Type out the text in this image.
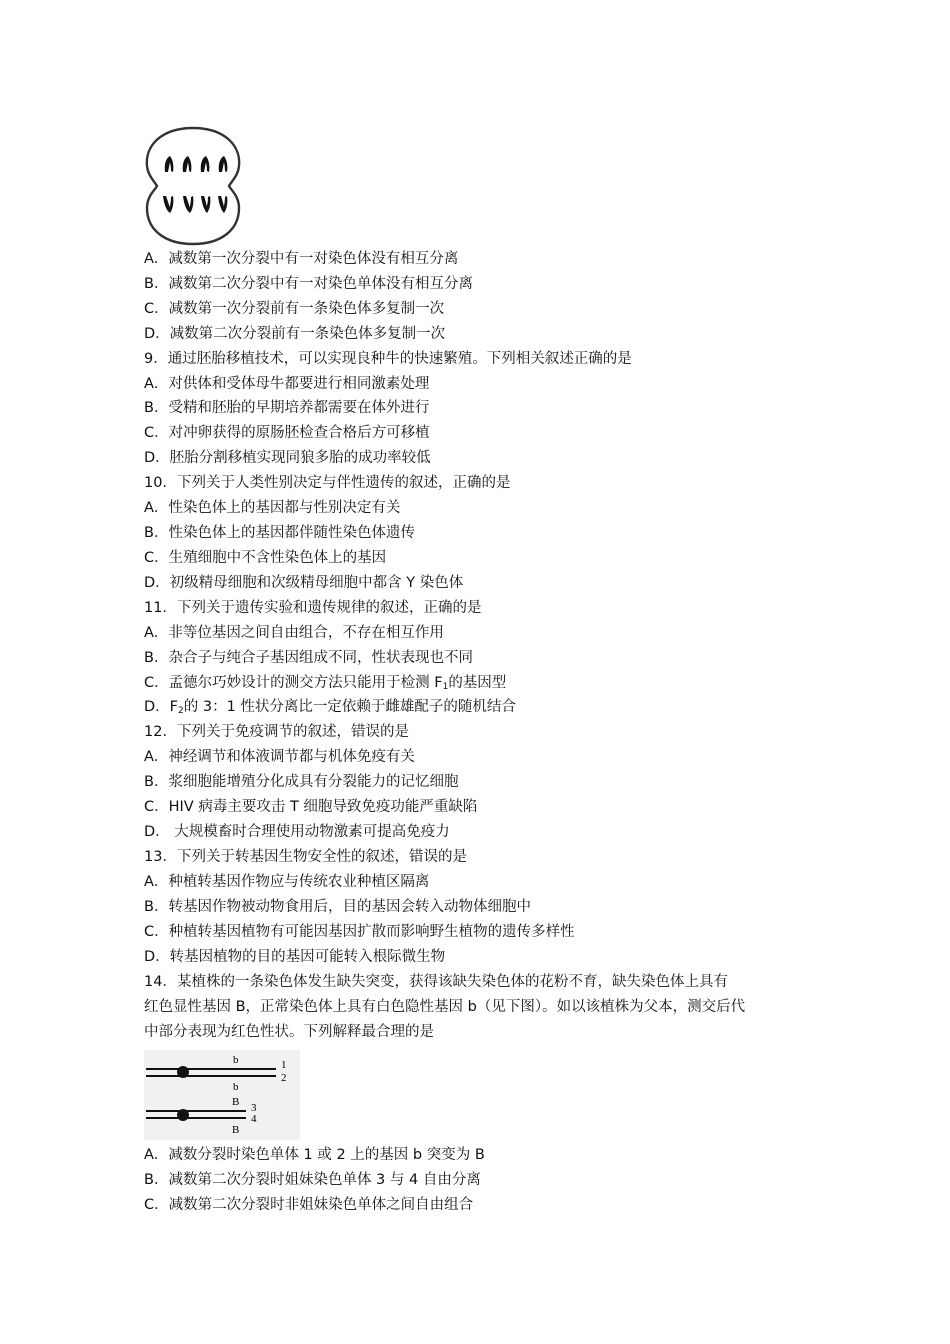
A．减数第一次分裂中有一对染色体没有相互分离
B．减数第二次分裂中有一对染色单体没有相互分离
C．减数第一次分裂前有一条染色体多复制一次
D．减数第二次分裂前有一条染色体多复制一次
9．通过胚胎移植技术，可以实现良种牛的快速繁殖。下列相关叙述正确的是
A．对供体和受体母牛都要进行相同激素处理
B．受精和胚胎的早期培养都需要在体外进行
C．对冲卵获得的原肠胚检查合格后方可移植
D．胚胎分割移植实现同狼多胎的成功率较低
10．下列关于人类性别决定与伴性遗传的叙述，正确的是
A．性染色体上的基因都与性别决定有关
B．性染色体上的基因都伴随性染色体遗传
C．生殖细胞中不含性染色体上的基因
D．初级精母细胞和次级精母细胞中都含 Y 染色体
11．下列关于遗传实验和遗传规律的叙述，正确的是
A．非等位基因之间自由组合，不存在相互作用
B．杂合子与纯合子基因组成不同，性状表现也不同
C．孟德尔巧妙设计的测交方法只能用于检测 $F_1$的基因型
D．$F_2$的 3：1 性状分离比一定依赖于雌雄配子的随机结合
12．下列关于免疫调节的叙述，错误的是
A．神经调节和体液调节都与机体免疫有关
B．浆细胞能增殖分化成具有分裂能力的记忆细胞
C．HIV 病毒主要攻击 T 细胞导致免疫功能严重缺陷
D． 大规模畜时合理使用动物激素可提高免疫力
13．下列关于转基因生物安全性的叙述，错误的是
A．种植转基因作物应与传统农业种植区隔离
B．转基因作物被动物食用后，目的基因会转入动物体细胞中
C．种植转基因植物有可能因基因扩散而影响野生植物的遗传多样性
D．转基因植物的目的基因可能转入根际微生物
14．某植株的一条染色体发生缺失突变，获得该缺失染色体的花粉不育，缺失染色体上具有
红色显性基因 B，正常染色体上具有白色隐性基因 b（见下图）。如以该植株为父本，测交后代
中部分表现为红色性状。下列解释最合理的是
b	1
2
b
B 3
4
B
A．减数分裂时染色单体 1 或 2 上的基因 b 突变为 B
B．减数第二次分裂时姐妹染色单体 3 与 4 自由分离
C．减数第二次分裂时非姐妹染色单体之间自由组合
